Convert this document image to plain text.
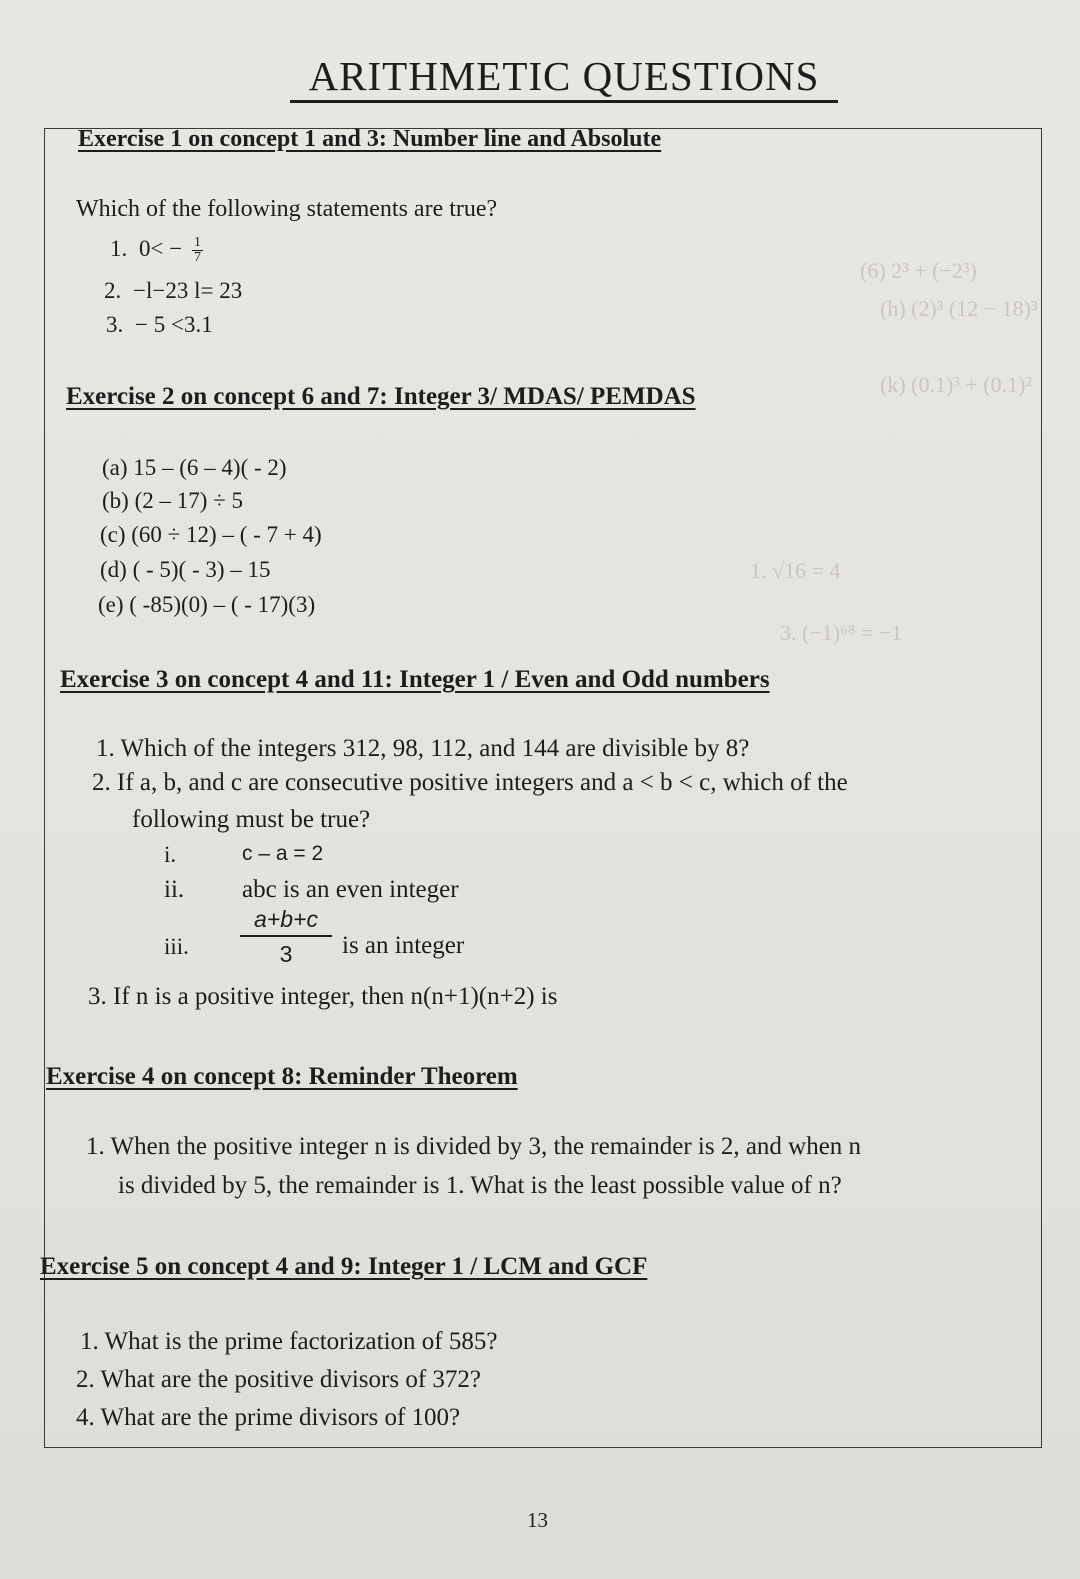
(6) 2³ + (−2³)
(h) (2)³ (12 − 18)³
(k) (0.1)³ + (0.1)²
1. √16 = 4
3. (−1)⁶⁸ = −1
ARITHMETIC QUESTIONS
Exercise 1 on concept 1 and 3: Number line and Absolute
Which of the following statements are true?
1. $0< - \frac{1}{7}$
2. −l−23 l= 23
3. − 5 <3.1
Exercise 2 on concept 6 and 7: Integer 3/ MDAS/ PEMDAS
(a) 15 – (6 – 4)( - 2)
(b) (2 – 17) ÷ 5
(c) (60 ÷ 12) – ( - 7 + 4)
(d) ( - 5)( - 3) – 15
(e) ( -85)(0) – ( - 17)(3)
Exercise 3 on concept 4 and 11: Integer 1 / Even and Odd numbers
1. Which of the integers 312, 98, 112, and 144 are divisible by 8?
2. If a, b, and c are consecutive positive integers and a < b < c, which of the
following must be true?
i.	c – a = 2
ii. abc is an even integer
iii. $\frac{a+b+c}{3}$ is an integer
3. If n is a positive integer, then n(n+1)(n+2) is
Exercise 4 on concept 8: Reminder Theorem
1. When the positive integer n is divided by 3, the remainder is 2, and when n
is divided by 5, the remainder is 1. What is the least possible value of n?
Exercise 5 on concept 4 and 9: Integer 1 / LCM and GCF
1. What is the prime factorization of 585?
2. What are the positive divisors of 372?
4. What are the prime divisors of 100?
13
